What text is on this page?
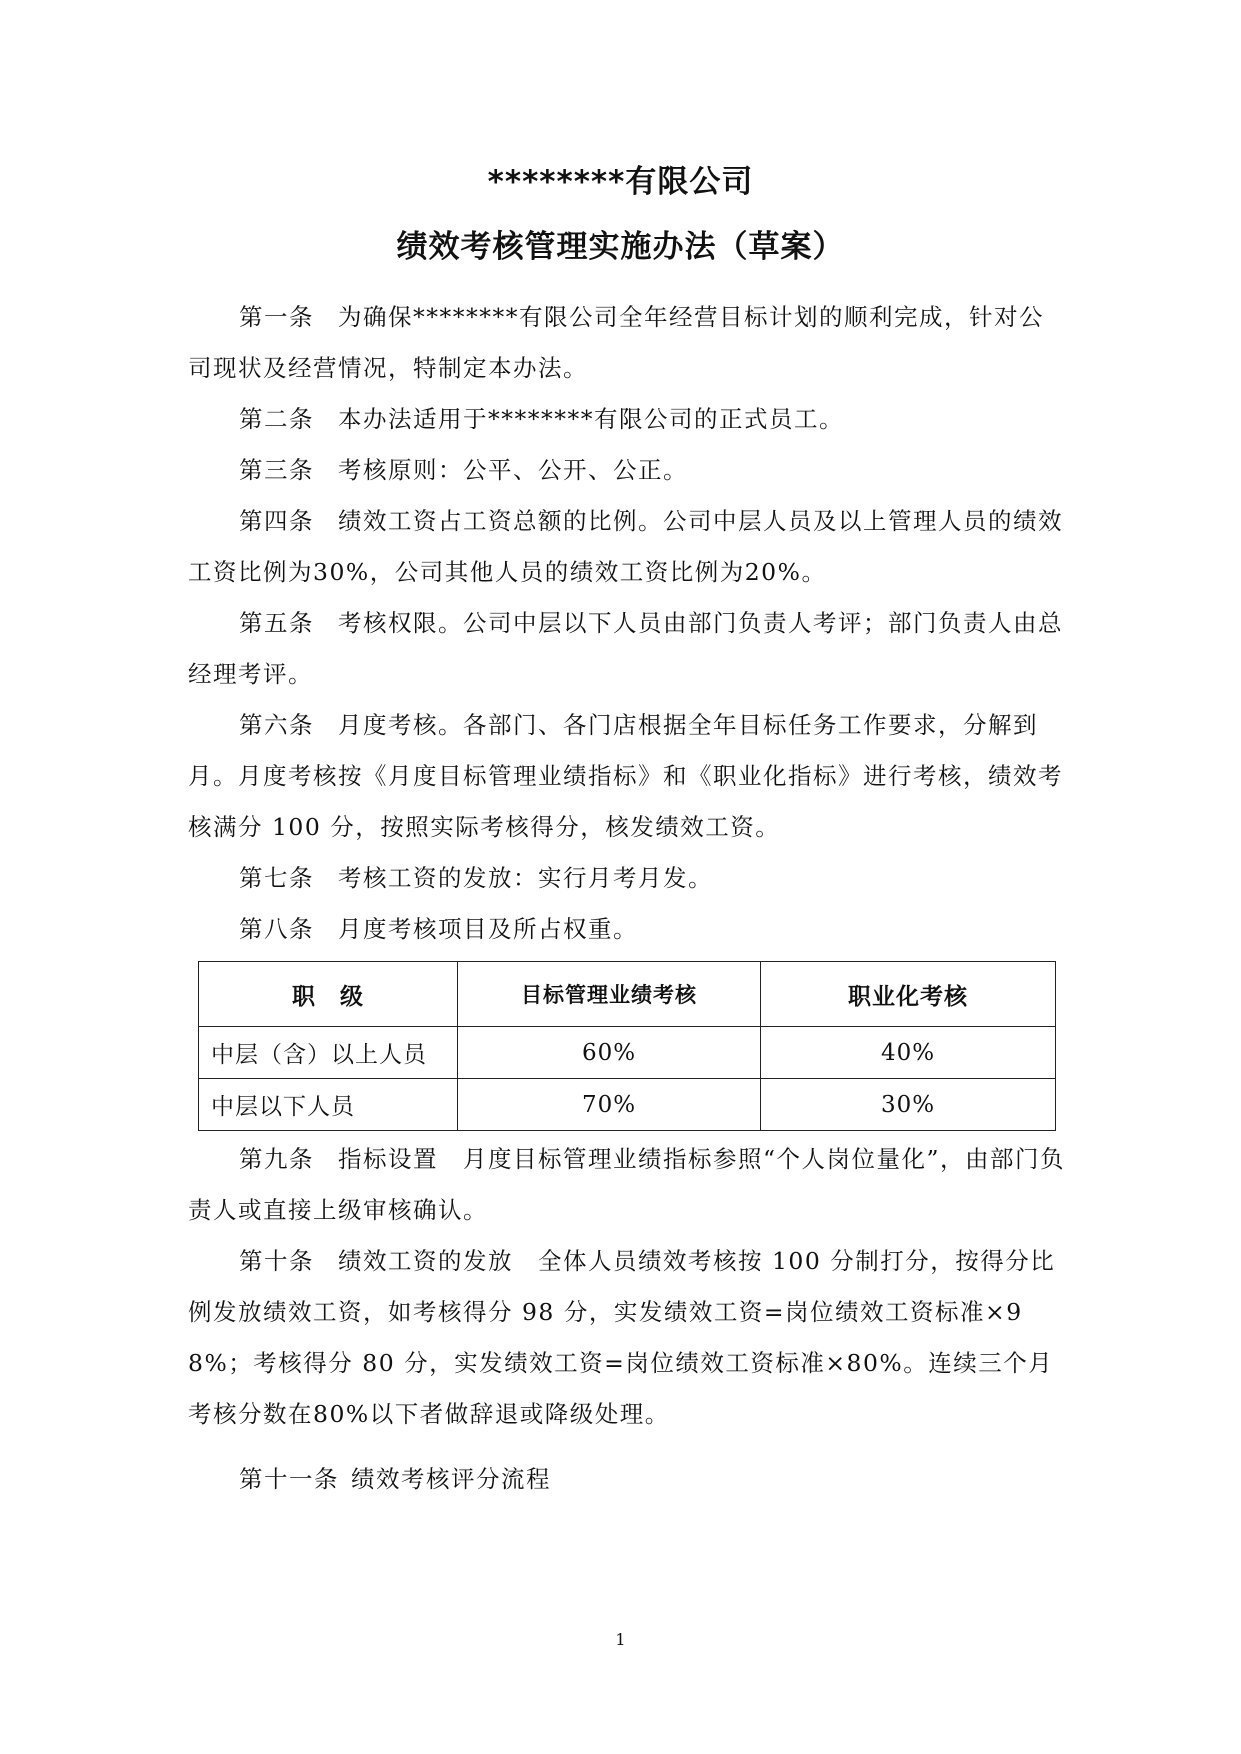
********有限公司
绩效考核管理实施办法（草案）

第一条 为确保********有限公司全年经营目标计划的顺利完成，针对公司现状及经营情况，特制定本办法。

第二条 本办法适用于********有限公司的正式员工。

第三条 考核原则：公平、公开、公正。

第四条 绩效工资占工资总额的比例。公司中层人员及以上管理人员的绩效工资比例为30%，公司其他人员的绩效工资比例为20%。

第五条 考核权限。公司中层以下人员由部门负责人考评；部门负责人由总经理考评。

第六条 月度考核。各部门、各门店根据全年目标任务工作要求，分解到月。月度考核按《月度目标管理业绩指标》和《职业化指标》进行考核，绩效考核满分 100 分，按照实际考核得分，核发绩效工资。

第七条 考核工资的发放：实行月考月发。

第八条 月度考核项目及所占权重。

职　级	目标管理业绩考核	职业化考核
中层（含）以上人员	60%	40%
中层以下人员	70%	30%

第九条 指标设置　月度目标管理业绩指标参照“个人岗位量化”，由部门负责人或直接上级审核确认。

第十条 绩效工资的发放　全体人员绩效考核按 100 分制打分，按得分比例发放绩效工资，如考核得分 98 分，实发绩效工资=岗位绩效工资标准×98%；考核得分 80 分，实发绩效工资=岗位绩效工资标准×80%。连续三个月考核分数在80%以下者做辞退或降级处理。

第十一条 绩效考核评分流程

1
